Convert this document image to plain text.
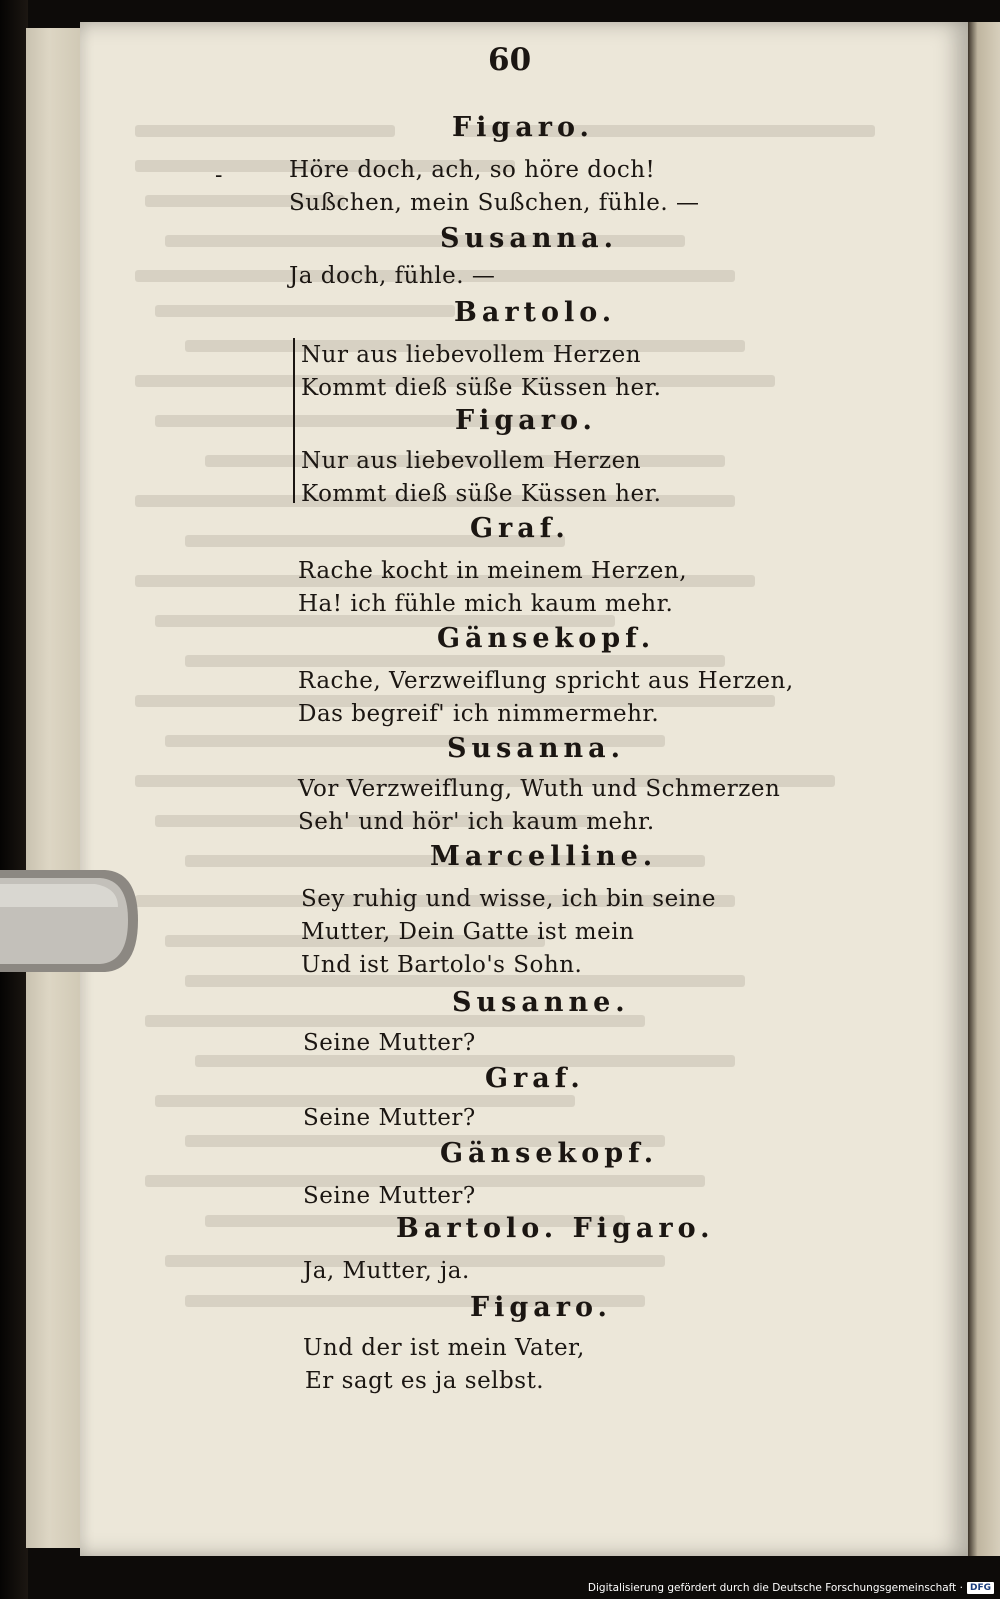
60
-
Figaro.
Höre doch, ach, so höre doch!
Sußchen, mein Sußchen, fühle. —
Susanna.
Ja doch, fühle. —
Bartolo.
Nur aus liebevollem Herzen
Kommt dieß süße Küssen her.
Figaro.
Nur aus liebevollem Herzen
Kommt dieß süße Küssen her.
Graf.
Rache kocht in meinem Herzen,
Ha! ich fühle mich kaum mehr.
Gänsekopf.
Rache, Verzweiflung spricht aus Herzen,
Das begreif' ich nimmermehr.
Susanna.
Vor Verzweiflung, Wuth und Schmerzen
Seh' und hör' ich kaum mehr.
Marcelline.
Sey ruhig und wisse, ich bin seine
Mutter, Dein Gatte ist mein
Und ist Bartolo's Sohn.
Susanne.
Seine Mutter?
Graf.
Seine Mutter?
Gänsekopf.
Seine Mutter?
Bartolo. Figaro.
Ja, Mutter, ja.
Figaro.
Und der ist mein Vater,
Er sagt es ja selbst.
Digitalisierung gefördert durch die Deutsche Forschungsgemeinschaft · DFG
